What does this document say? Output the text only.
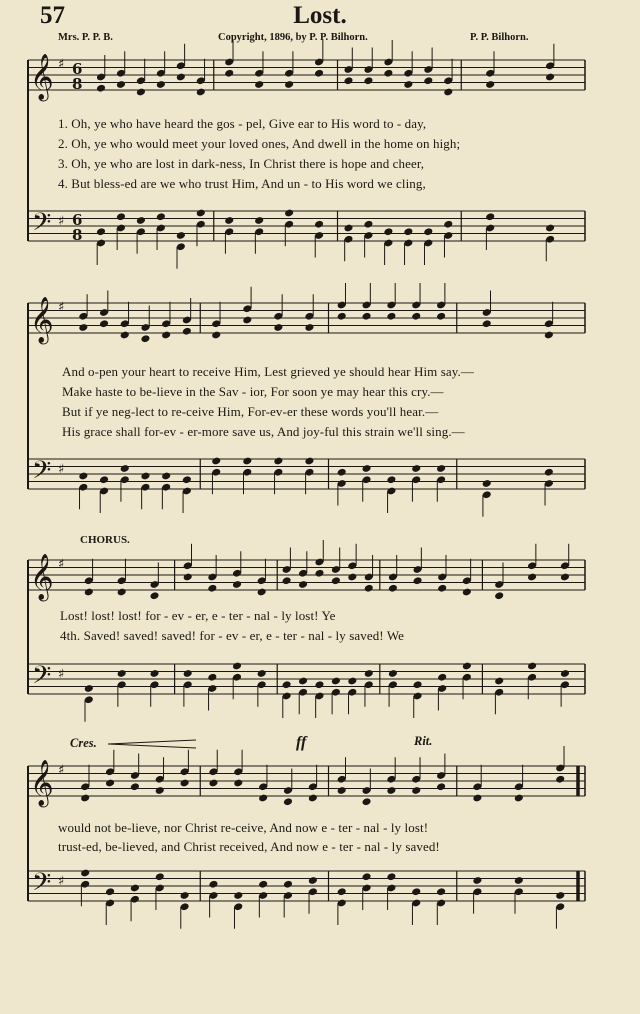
57	Lost.
Mrs. P. P. B.	Copyright, 1896, by P. P. Bilhorn.	P. P. Bilhorn.
𝄞
𝄢
♯
♯
6
8
6
8
𝄞
𝄢
♯
♯
𝄞
𝄢
♯
♯
𝄞
𝄢
♯
♯
1. Oh, ye who have heard the gos - pel, Give ear to His word to - day,
2. Oh, ye who would meet your loved ones, And dwell in the home on high;
3. Oh, ye who are lost in dark-ness, In Christ there is hope and cheer,
4. But bless-ed are we who trust Him, And un - to His word we cling,
And o-pen your heart to receive Him, Lest grieved ye should hear Him say.—
Make haste to be-lieve in the Sav - ior, For soon ye may hear this cry.—
But if ye neg-lect to re-ceive Him, For-ev-er these words you'll hear.—
His grace shall for-ev - er-more save us, And joy-ful this strain we'll sing.—
CHORUS.
Lost! lost! lost! for - ev - er, e - ter - nal - ly lost! Ye
4th. Saved! saved! saved! for - ev - er, e - ter - nal - ly saved! We
Cres.	ff	Rit.
would not be-lieve, nor Christ re-ceive, And now e - ter - nal - ly lost!
trust-ed, be-lieved, and Christ received, And now e - ter - nal - ly saved!
